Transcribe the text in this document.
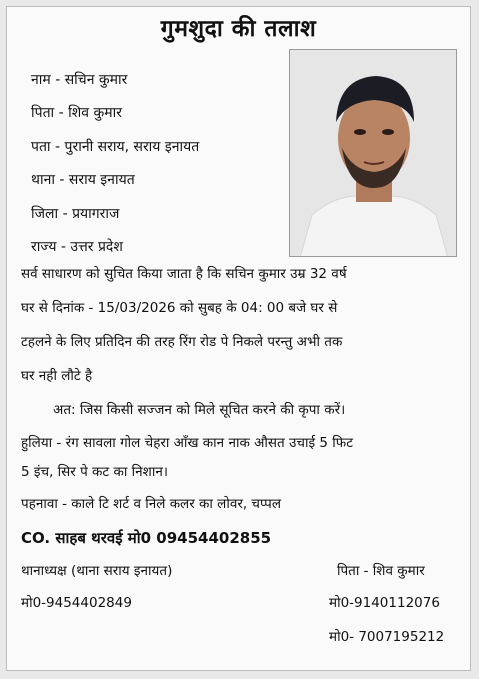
गुमशुदा की तलाश
नाम - सचिन कुमार
पिता - शिव कुमार
पता - पुरानी सराय, सराय इनायत
थाना - सराय इनायत
जिला - प्रयागराज
राज्य - उत्तर प्रदेश
सर्व साधारण को सुचित किया जाता है कि सचिन कुमार उम्र 32 वर्ष
घर से दिनांक - 15/03/2026 को सुबह के 04: 00 बजे घर से
टहलने के लिए प्रतिदिन की तरह रिंग रोड पे निकले परन्तु अभी तक
घर नही लौटे है
अत: जिस किसी सज्जन को मिले सूचित करने की कृपा करें।
हुलिया - रंग सावला गोल चेहरा आँख कान नाक औसत उचाई 5 फिट
5 इंच, सिर पे कट का निशान।
पहनावा - काले टि शर्ट व निले कलर का लोवर, चप्पल
CO. साहब थरवई मो0 09454402855
थानाध्यक्ष (थाना सराय इनायत)
मो0-9454402849
पिता - शिव कुमार
मो0-9140112076
मो0- 7007195212
